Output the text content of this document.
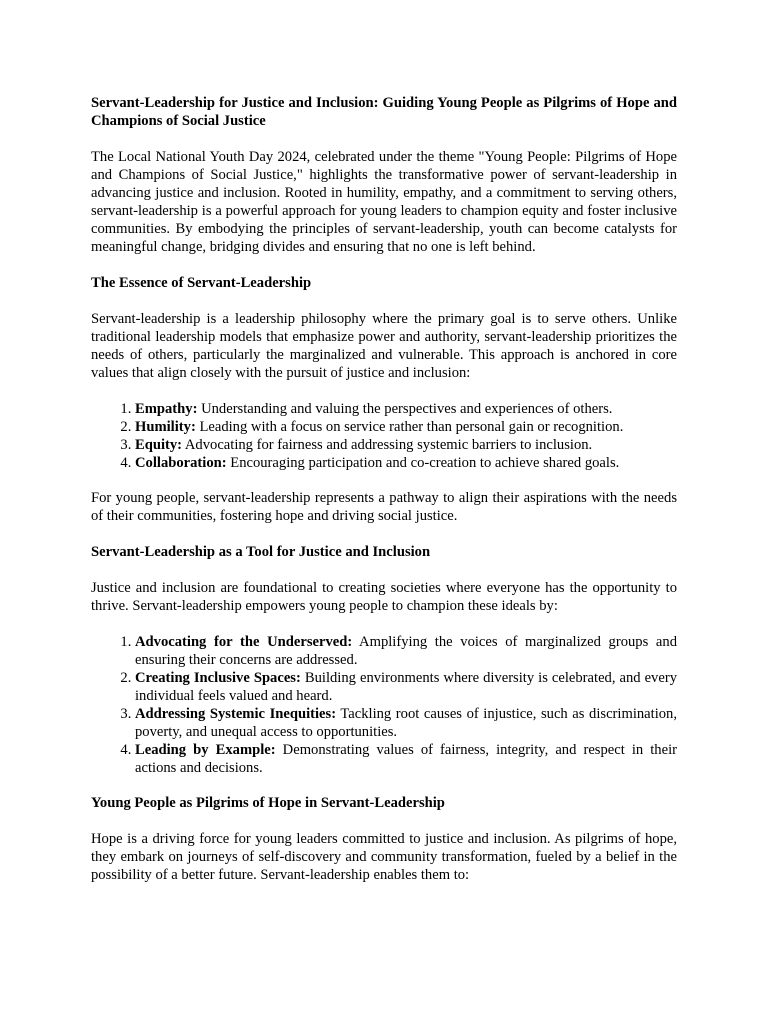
Servant-Leadership for Justice and Inclusion: Guiding Young People as Pilgrims of Hope and Champions of Social Justice

The Local National Youth Day 2024, celebrated under the theme "Young People: Pilgrims of Hope and Champions of Social Justice," highlights the transformative power of servant-leadership in advancing justice and inclusion. Rooted in humility, empathy, and a commitment to serving others, servant-leadership is a powerful approach for young leaders to champion equity and foster inclusive communities. By embodying the principles of servant-leadership, youth can become catalysts for meaningful change, bridging divides and ensuring that no one is left behind.

The Essence of Servant-Leadership

Servant-leadership is a leadership philosophy where the primary goal is to serve others. Unlike traditional leadership models that emphasize power and authority, servant-leadership prioritizes the needs of others, particularly the marginalized and vulnerable. This approach is anchored in core values that align closely with the pursuit of justice and inclusion:

1. Empathy: Understanding and valuing the perspectives and experiences of others.
2. Humility: Leading with a focus on service rather than personal gain or recognition.
3. Equity: Advocating for fairness and addressing systemic barriers to inclusion.
4. Collaboration: Encouraging participation and co-creation to achieve shared goals.

For young people, servant-leadership represents a pathway to align their aspirations with the needs of their communities, fostering hope and driving social justice.

Servant-Leadership as a Tool for Justice and Inclusion

Justice and inclusion are foundational to creating societies where everyone has the opportunity to thrive. Servant-leadership empowers young people to champion these ideals by:

1. Advocating for the Underserved: Amplifying the voices of marginalized groups and ensuring their concerns are addressed.
2. Creating Inclusive Spaces: Building environments where diversity is celebrated, and every individual feels valued and heard.
3. Addressing Systemic Inequities: Tackling root causes of injustice, such as discrimination, poverty, and unequal access to opportunities.
4. Leading by Example: Demonstrating values of fairness, integrity, and respect in their actions and decisions.

Young People as Pilgrims of Hope in Servant-Leadership

Hope is a driving force for young leaders committed to justice and inclusion. As pilgrims of hope, they embark on journeys of self-discovery and community transformation, fueled by a belief in the possibility of a better future. Servant-leadership enables them to:
